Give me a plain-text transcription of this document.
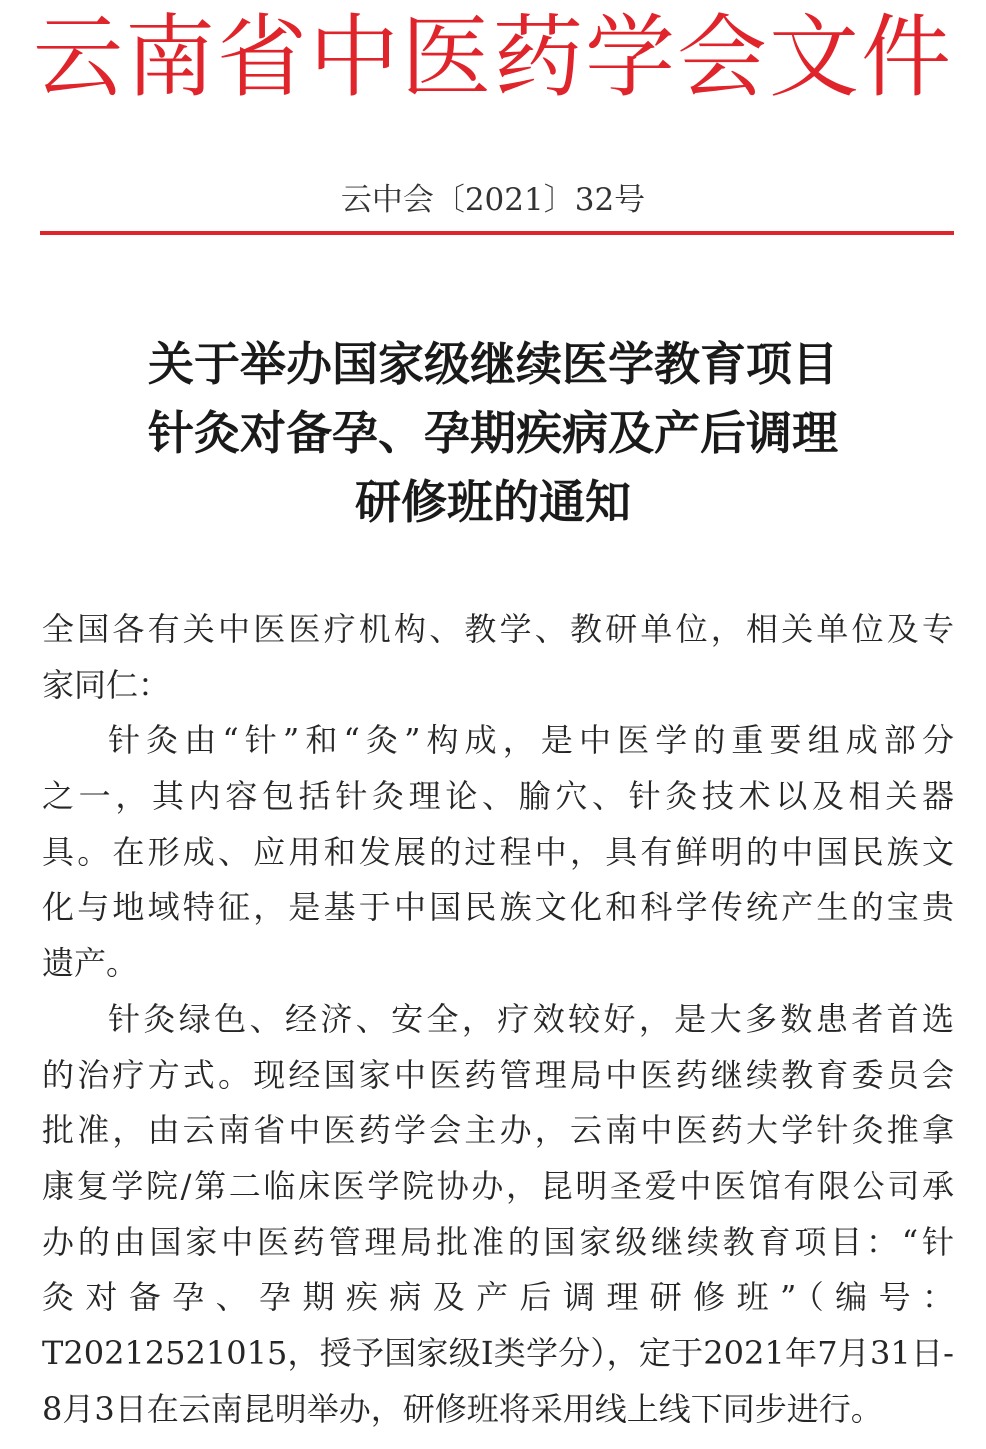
云南省中医药学会文件
云中会〔2021〕32号
关于举办国家级继续医学教育项目
针灸对备孕、孕期疾病及产后调理
研修班的通知
全国各有关中医医疗机构、教学、教研单位，相关单位及专
家同仁：
针灸由“针”和“灸”构成，是中医学的重要组成部分
之一，其内容包括针灸理论、腧穴、针灸技术以及相关器
具。在形成、应用和发展的过程中，具有鲜明的中国民族文
化与地域特征，是基于中国民族文化和科学传统产生的宝贵
遗产。
针灸绿色、经济、安全，疗效较好，是大多数患者首选
的治疗方式。现经国家中医药管理局中医药继续教育委员会
批准，由云南省中医药学会主办，云南中医药大学针灸推拿
康复学院/第二临床医学院协办，昆明圣爱中医馆有限公司承
办的由国家中医药管理局批准的国家级继续教育项目：“针
灸对备孕、孕期疾病及产后调理研修班”（编号：
T20212521015，授予国家级I类学分），定于2021年7月31日-
8月3日在云南昆明举办，研修班将采用线上线下同步进行。
